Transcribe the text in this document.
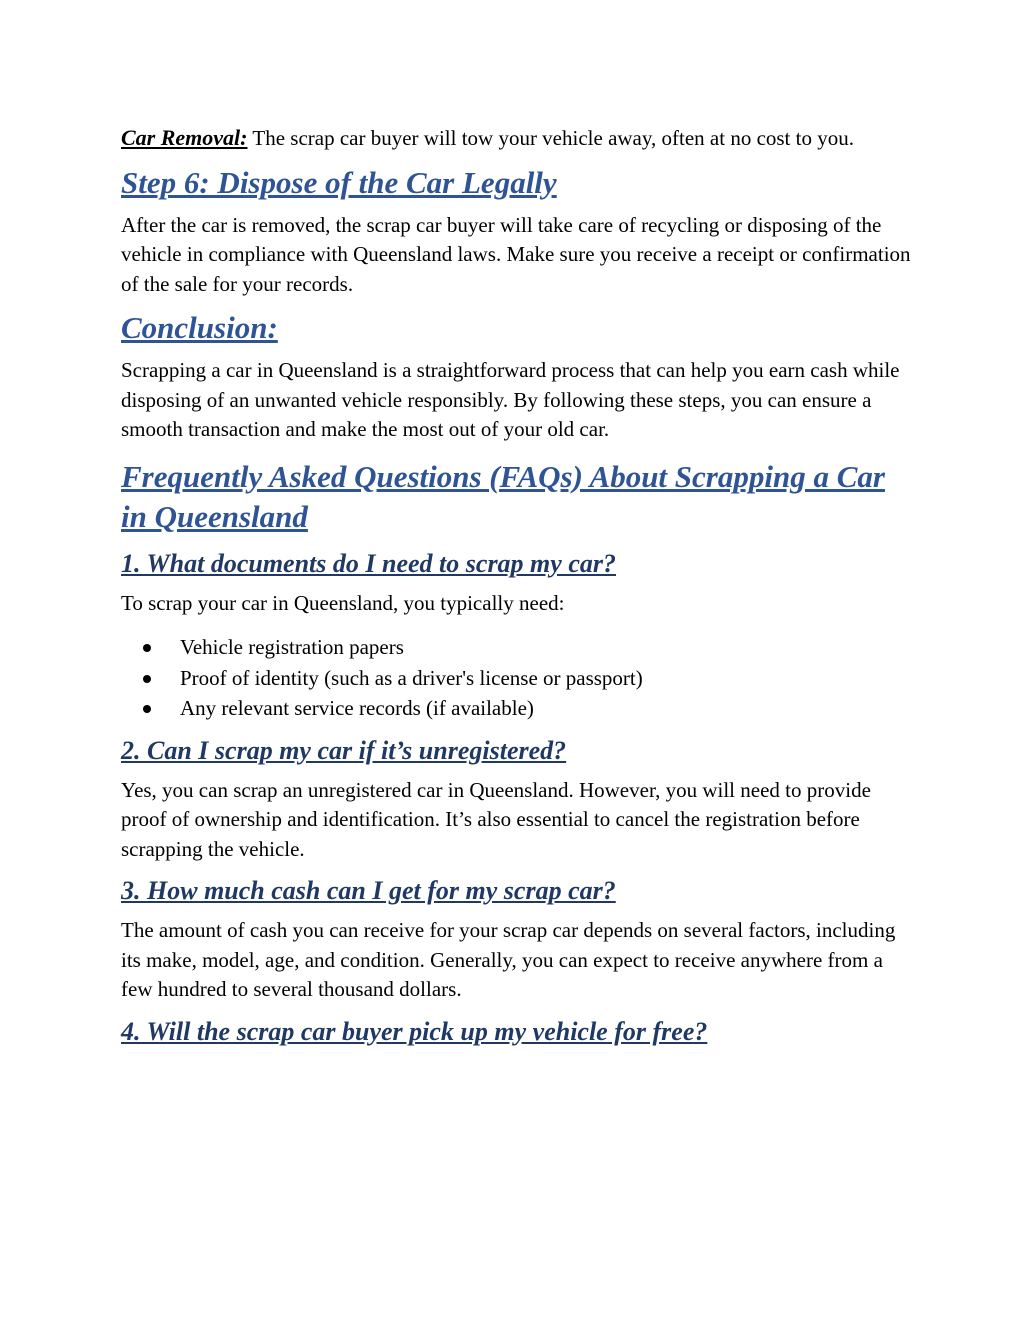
Car Removal: The scrap car buyer will tow your vehicle away, often at no cost to you.

Step 6: Dispose of the Car Legally

After the car is removed, the scrap car buyer will take care of recycling or disposing of the vehicle in compliance with Queensland laws. Make sure you receive a receipt or confirmation of the sale for your records.

Conclusion:

Scrapping a car in Queensland is a straightforward process that can help you earn cash while disposing of an unwanted vehicle responsibly. By following these steps, you can ensure a smooth transaction and make the most out of your old car.

Frequently Asked Questions (FAQs) About Scrapping a Car in Queensland
1. What documents do I need to scrap my car?

To scrap your car in Queensland, you typically need:

Vehicle registration papers
Proof of identity (such as a driver's license or passport)
Any relevant service records (if available)
2. Can I scrap my car if it’s unregistered?

Yes, you can scrap an unregistered car in Queensland. However, you will need to provide proof of ownership and identification. It’s also essential to cancel the registration before scrapping the vehicle.

3. How much cash can I get for my scrap car?

The amount of cash you can receive for your scrap car depends on several factors, including its make, model, age, and condition. Generally, you can expect to receive anywhere from a few hundred to several thousand dollars.

4. Will the scrap car buyer pick up my vehicle for free?
